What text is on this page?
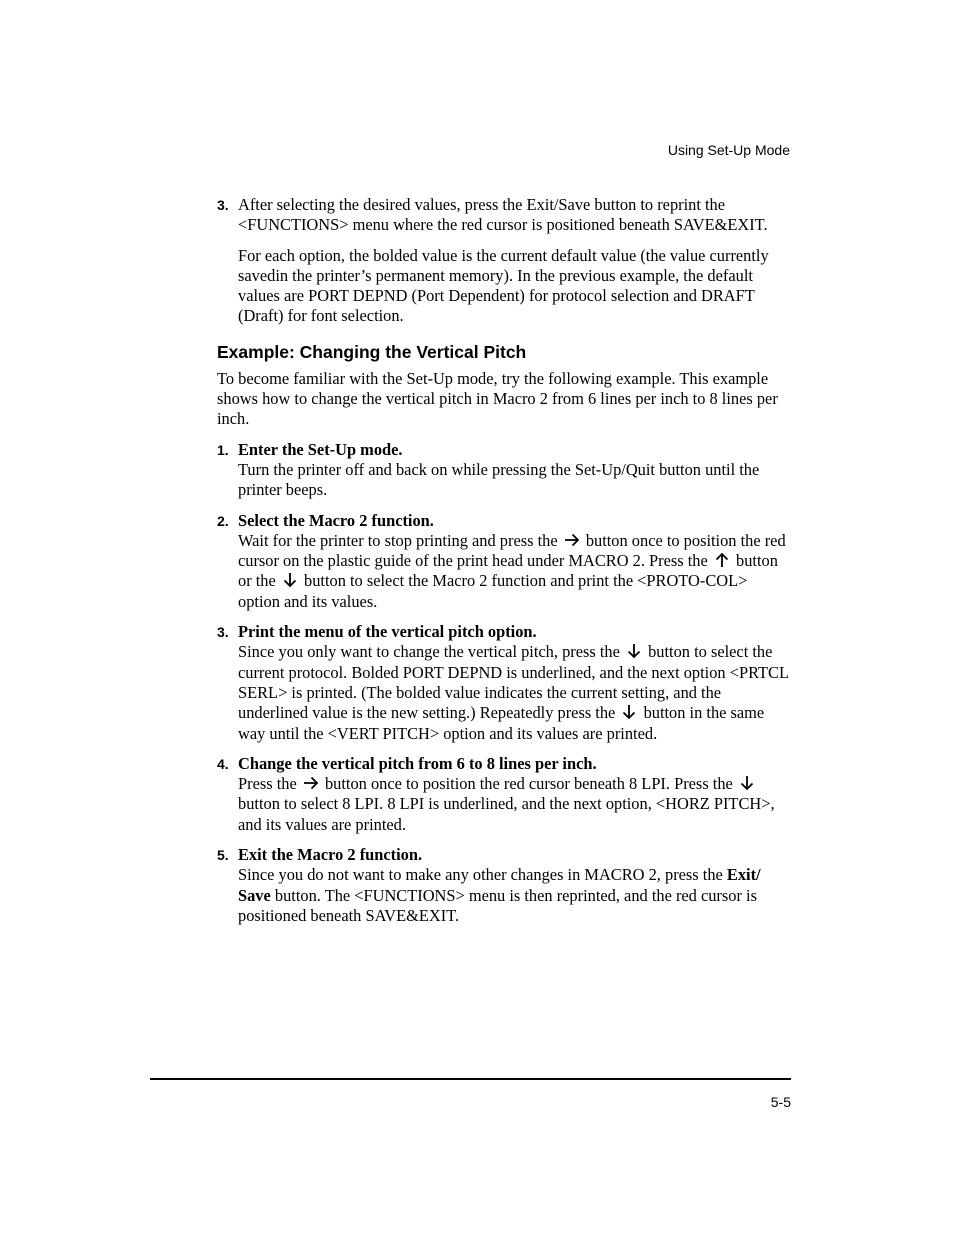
Using Set-Up Mode
3. After selecting the desired values, press the Exit/Save button to reprint the <FUNCTIONS> menu where the red cursor is positioned beneath SAVE&EXIT.

For each option, the bolded value is the current default value (the value currently savedin the printer’s permanent memory). In the previous example, the default values are PORT DEPND (Port Dependent) for protocol selection and DRAFT (Draft) for font selection.

Example: Changing the Vertical Pitch

To become familiar with the Set-Up mode, try the following example. This example shows how to change the vertical pitch in Macro 2 from 6 lines per inch to 8 lines per inch.

1. Enter the Set-Up mode.
Turn the printer off and back on while pressing the Set-Up/Quit button until the printer beeps.
2. Select the Macro 2 function.
Wait for the printer to stop printing and press the button once to position the red cursor on the plastic guide of the print head under MACRO 2. Press the button or the button to select the Macro 2 function and print the <PROTO-COL> option and its values.
3. Print the menu of the vertical pitch option.
Since you only want to change the vertical pitch, press the button to select the current protocol. Bolded PORT DEPND is underlined, and the next option <PRTCL SERL> is printed. (The bolded value indicates the current setting, and the underlined value is the new setting.) Repeatedly press the button in the same way until the <VERT PITCH> option and its values are printed.
4. Change the vertical pitch from 6 to 8 lines per inch.
Press the button once to position the red cursor beneath 8 LPI. Press the
button to select 8 LPI. 8 LPI is underlined, and the next option, <HORZ PITCH>, and its values are printed.
5. Exit the Macro 2 function.
Since you do not want to make any other changes in MACRO 2, press the Exit/ Save button. The <FUNCTIONS> menu is then reprinted, and the red cursor is positioned beneath SAVE&EXIT.
5-5
